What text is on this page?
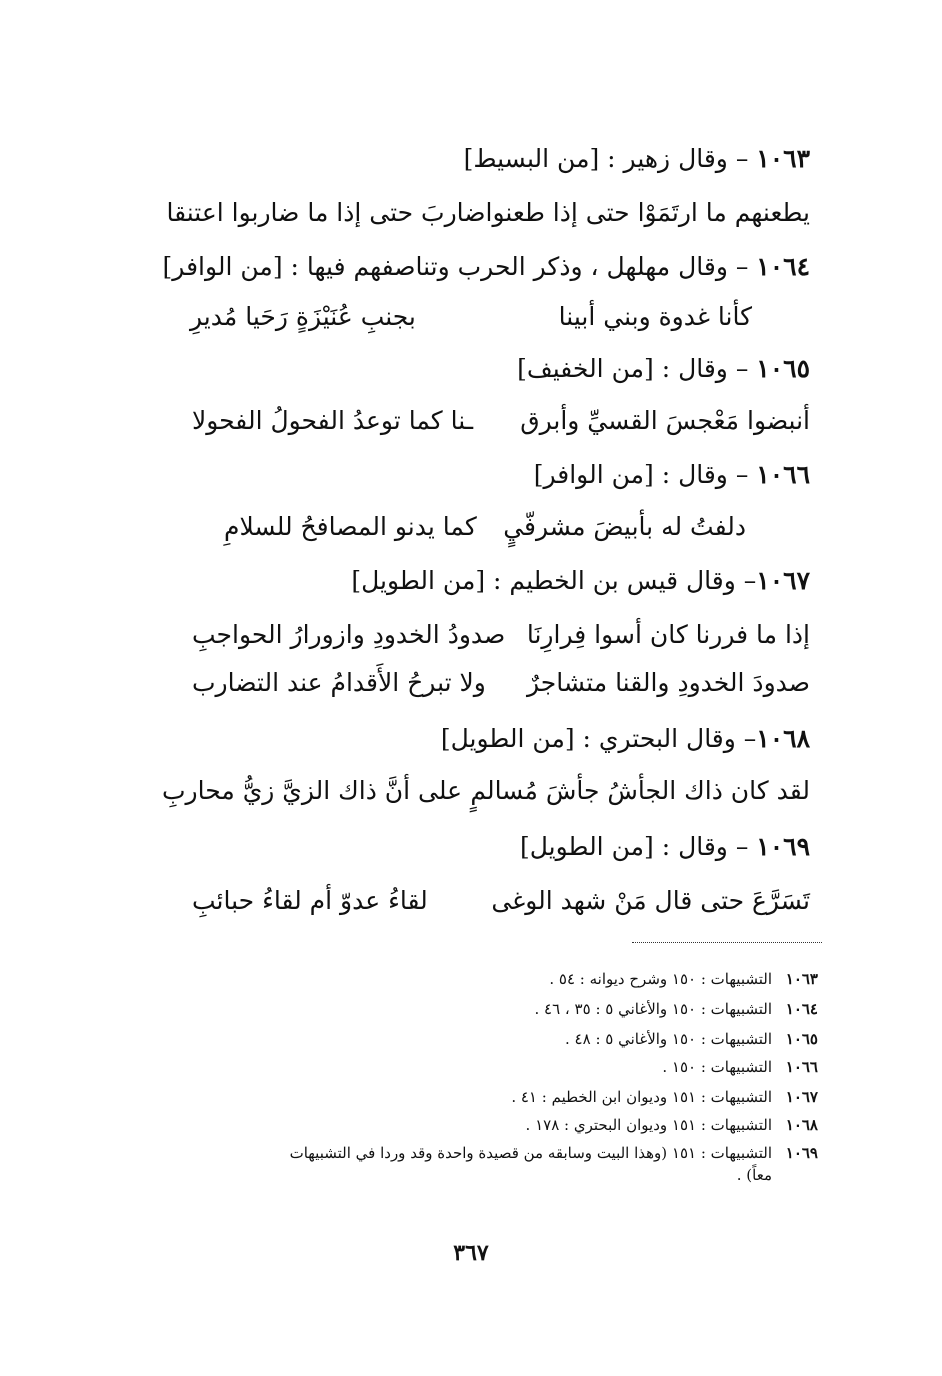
١٠٦٣ – وقال زهير : [من البسيط]
يطعنهم ما ارتَمَوْا حتى إذا طعنوا
ضاربَ حتى إذا ما ضاربوا اعتنقا
١٠٦٤ – وقال مهلهل ، وذكر الحرب وتناصفهم فيها : [من الوافر]
كأنا غدوة وبني أبينا
بجنبِ عُنَيْزَةٍ رَحَيا مُديرِ
١٠٦٥ – وقال : [من الخفيف]
أنبضوا مَعْجسَ القسيِّ وأبرق
ـنا كما توعدُ الفحولُ الفحولا
١٠٦٦ – وقال : [من الوافر]
دلفتُ له بأبيضَ مشرفّيٍ
كما يدنو المصافحُ للسلامِ
١٠٦٧– وقال قيس بن الخطيم : [من الطويل]
إذا ما فررنا كان أسوا فِرارِنَا
صدودُ الخدودِ وازورارُ الحواجبِ
صدودَ الخدودِ والقنا متشاجرٌ
ولا تبرحُ الأَقدامُ عند التضارب
١٠٦٨– وقال البحتري : [من الطويل]
لقد كان ذاك الجأشُ جأشَ مُسالمٍ
على أنَّ ذاك الزيَّ زيُّ محاربِ
١٠٦٩ – وقال : [من الطويل]
تَسَرَّعَ حتى قال مَنْ شهد الوغى
لقاءُ عدوّ أم لقاءُ حبائبِ
١٠٦٣التشبيهات : ١٥٠ وشرح ديوانه : ٥٤ .
١٠٦٤التشبيهات : ١٥٠ والأغاني ٥ : ٣٥ ، ٤٦ .
١٠٦٥التشبيهات : ١٥٠ والأغاني ٥ : ٤٨ .
١٠٦٦التشبيهات : ١٥٠ .
١٠٦٧التشبيهات : ١٥١ وديوان ابن الخطيم : ٤١ .
١٠٦٨التشبيهات : ١٥١ وديوان البحتري : ١٧٨ .
١٠٦٩التشبيهات : ١٥١ (وهذا البيت وسابقه من قصيدة واحدة وقد وردا في التشبيهات
معاً) .
٣٦٧
